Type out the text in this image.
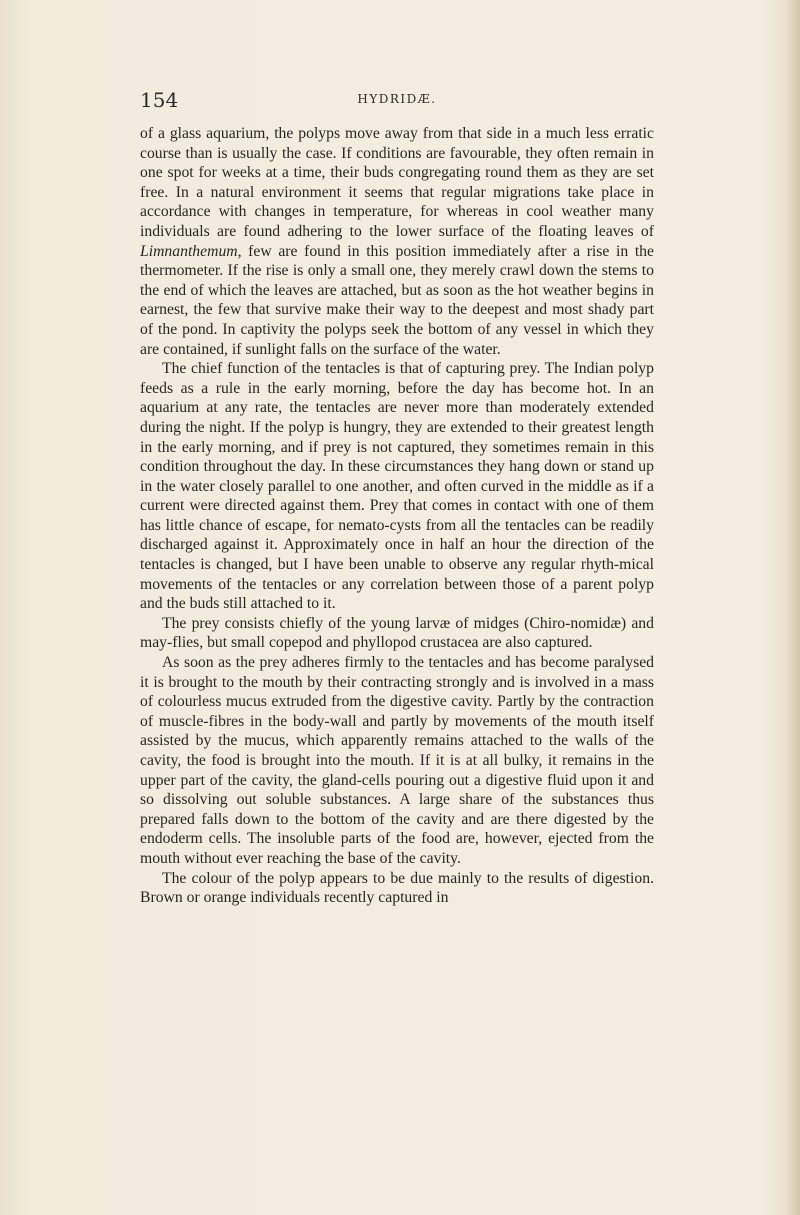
154	HYDRIDÆ.

of a glass aquarium, the polyps move away from that side in a much less erratic course than is usually the case. If conditions are favourable, they often remain in one spot for weeks at a time, their buds congregating round them as they are set free. In a natural environment it seems that regular migrations take place in accordance with changes in temperature, for whereas in cool weather many individuals are found adhering to the lower surface of the floating leaves of Limnanthemum, few are found in this position immediately after a rise in the thermometer. If the rise is only a small one, they merely crawl down the stems to the end of which the leaves are attached, but as soon as the hot weather begins in earnest, the few that survive make their way to the deepest and most shady part of the pond. In captivity the polyps seek the bottom of any vessel in which they are contained, if sunlight falls on the surface of the water.

The chief function of the tentacles is that of capturing prey. The Indian polyp feeds as a rule in the early morning, before the day has become hot. In an aquarium at any rate, the tentacles are never more than moderately extended during the night. If the polyp is hungry, they are extended to their greatest length in the early morning, and if prey is not captured, they sometimes remain in this condition throughout the day. In these circumstances they hang down or stand up in the water closely parallel to one another, and often curved in the middle as if a current were directed against them. Prey that comes in contact with one of them has little chance of escape, for nemato-cysts from all the tentacles can be readily discharged against it. Approximately once in half an hour the direction of the tentacles is changed, but I have been unable to observe any regular rhyth-mical movements of the tentacles or any correlation between those of a parent polyp and the buds still attached to it.

The prey consists chiefly of the young larvæ of midges (Chiro-nomidæ) and may-flies, but small copepod and phyllopod crustacea are also captured.

As soon as the prey adheres firmly to the tentacles and has become paralysed it is brought to the mouth by their contracting strongly and is involved in a mass of colourless mucus extruded from the digestive cavity. Partly by the contraction of muscle-fibres in the body-wall and partly by movements of the mouth itself assisted by the mucus, which apparently remains attached to the walls of the cavity, the food is brought into the mouth. If it is at all bulky, it remains in the upper part of the cavity, the gland-cells pouring out a digestive fluid upon it and so dissolving out soluble substances. A large share of the substances thus prepared falls down to the bottom of the cavity and are there digested by the endoderm cells. The insoluble parts of the food are, however, ejected from the mouth without ever reaching the base of the cavity.

The colour of the polyp appears to be due mainly to the results of digestion. Brown or orange individuals recently captured in
